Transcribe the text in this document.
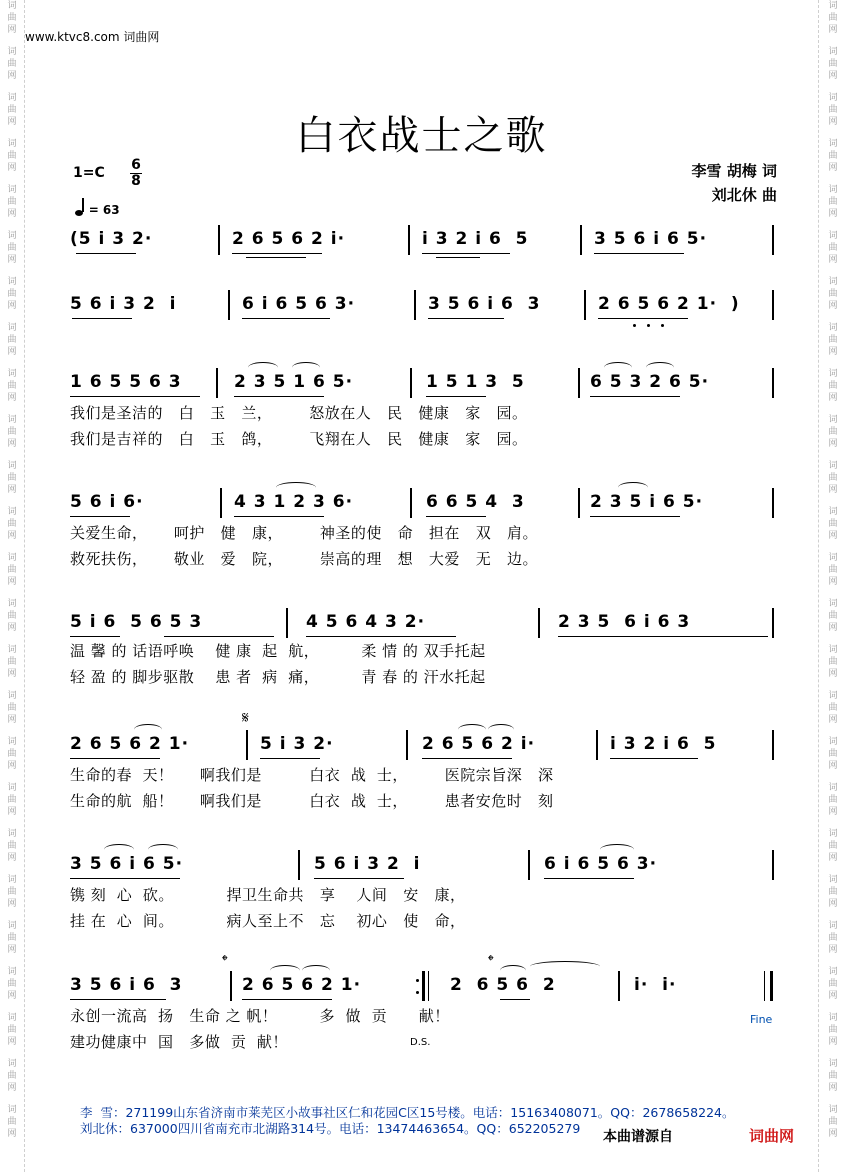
词
曲
网
词
曲
网
词
曲
网
词
曲
网
词
曲
网
词
曲
网
词
曲
网
词
曲
网
词
曲
网
词
曲
网
词
曲
网
词
曲
网
词
曲
网
词
曲
网
词
曲
网
词
曲
网
词
曲
网
词
曲
网
词
曲
网
词
曲
网
词
曲
网
词
曲
网
词
曲
网
词
曲
网
词
曲
网
词
曲
网
词
曲
网
词
曲
网
词
曲
网
词
曲
网
词
曲
网
词
曲
网
词
曲
网
词
曲
网
词
曲
网
词
曲
网
词
曲
网
词
曲
网
词
曲
网
词
曲
网
词
曲
网
词
曲
网
词
曲
网
词
曲
网
词
曲
网
词
曲
网
词
曲
网
词
曲
网
词
曲
网
词
曲
网
www.ktvc8.com 词曲网
白衣战士之歌
1=C 6
8
= 63
李雪 胡梅 词
刘北休 曲
(5 i 3 2·	2 6 5 6 2 i·	i 3 2 i 6  5	3 5 6 i 6 5·
5 6 i 3 2  i	6 i 6 5 6 3·	3 5 6 i 6  3	2 6 5 6 2 1·  )
1 6 5 5 6 3	2 3 5 1 6 5·	1 5 1 3  5	6 5 3 2 6 5·
我们是圣洁的   白   玉   兰，       怒放在人   民   健康   家   园。
我们是吉祥的   白   玉   鸽，       飞翔在人   民   健康   家   园。
5 6 i 6·	4 3 1 2 3 6·	6 6 5 4  3	2 3 5 i 6 5·
关爱生命，     呵护   健   康，       神圣的使   命   担在   双   肩。
救死扶伤，     敬业   爱   院，       崇高的理   想   大爱   无   边。
5 i 6  5 6 5 3	4 5 6 4 3 2·	2 3 5  6 i 6 3
温 馨 的 话语呼唤    健 康  起  航，        柔 情 的 双手托起
轻 盈 的 脚步驱散    患 者  病  痛，        青 春 的 汗水托起
𝄋
2 6 5 6 2 1·	5 i 3 2·	2 6 5 6 2 i·	i 3 2 i 6  5
生命的春  天！     啊我们是         白衣  战  士，       医院宗旨深   深
生命的航  船！     啊我们是         白衣  战  士，       患者安危时   刻
3 5 6 i 6 5·	5 6 i 3 2  i	6 i 6 5 6 3·
镌 刻  心  砍。          捍卫生命共   享    人间   安   康，
挂 在  心  间。          病人至上不   忘    初心   使   命，
𝄌	𝄌
3 5 6 i 6  3	2 6 5 6 2 1·	2  6 5 6  2	i·  i·
Fine
D.S.
永创一流高  扬   生命 之 帆！        多  做  贡      献！
建功健康中  国   多做  贡  献！
李  雪：271199山东省济南市莱芜区小故事社区仁和花园C区15号楼。电话：15163408071。QQ：2678658224。
刘北休：637000四川省南充市北湖路314号。电话：13474463654。QQ：652205279
本曲谱源自	词曲网
